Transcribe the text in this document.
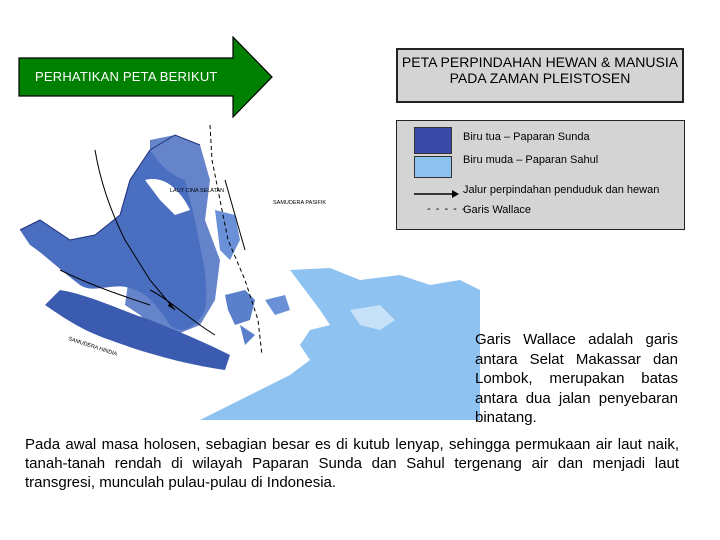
PERHATIKAN PETA BERIKUT
PETA PERPINDAHAN HEWAN & MANUSIA PADA ZAMAN PLEISTOSEN
Biru tua – Paparan Sunda
Biru muda – Paparan Sahul
Jalur perpindahan penduduk dan hewan
- - - - -
Garis Wallace
LAUT CINA SELATAN
SAMUDERA PASIFIK
SAMUDERA HINDIA	Garis Wallace adalah garis antara Selat Makassar dan Lombok, merupakan batas antara dua jalan penyebaran binatang.
Pada awal masa holosen, sebagian besar es di kutub lenyap, sehingga permukaan air laut naik, tanah-tanah rendah di wilayah Paparan Sunda dan Sahul tergenang air dan menjadi laut transgresi, munculah pulau-pulau di Indonesia.
